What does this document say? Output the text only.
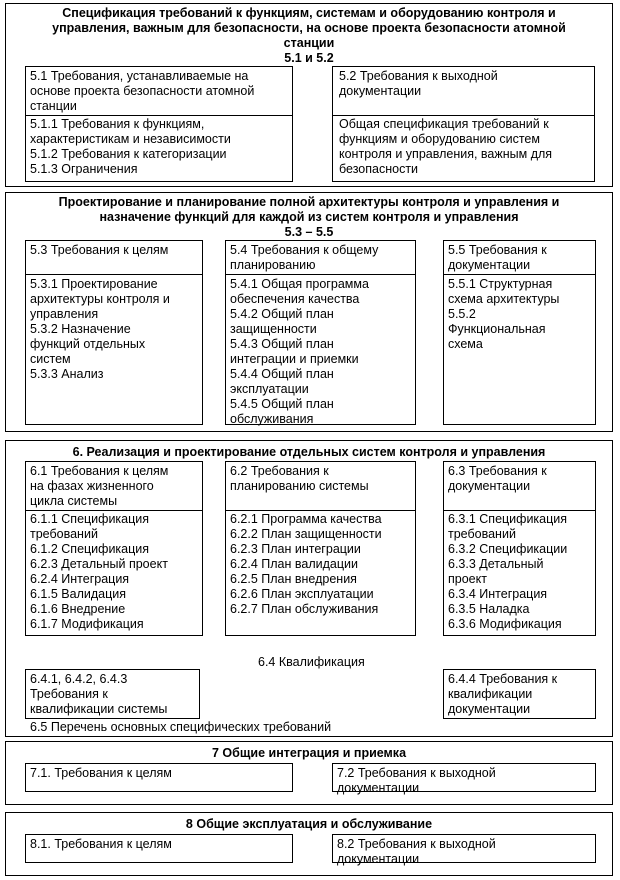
Спецификация требований к функциям, системам и оборудованию контроля и
управления, важным для безопасности, на основе проекта безопасности атомной
станции
5.1 и 5.2
5.1 Требования, устанавливаемые на
основе проекта безопасности атомной
станции
5.1.1 Требования к функциям,
характеристикам и независимости
5.1.2 Требования к категоризации
5.1.3 Ограничения
5.2 Требования к выходной
документации
Общая спецификация требований к
функциям и оборудованию систем
контроля и управления, важным для
безопасности
Проектирование и планирование полной архитектуры контроля и управления и
назначение функций для каждой из систем контроля и управления
5.3 – 5.5
5.3 Требования к целям
5.3.1 Проектирование
архитектуры контроля и
управления
5.3.2 Назначение
функций отдельных
систем
5.3.3 Анализ
5.4 Требования к общему
планированию
5.4.1 Общая программа
обеспечения качества
5.4.2 Общий план
защищенности
5.4.3 Общий план
интеграции и приемки
5.4.4 Общий план
эксплуатации
5.4.5 Общий план
обслуживания
5.5 Требования к
документации
5.5.1 Структурная
схема архитектуры
5.5.2
Функциональная
схема
6. Реализация и проектирование отдельных систем контроля и управления
6.1 Требования к целям
на фазах жизненного
цикла системы
6.1.1 Спецификация
требований
6.1.2 Спецификация
6.2.3 Детальный проект
6.2.4 Интеграция
6.1.5 Валидация
6.1.6 Внедрение
6.1.7 Модификация
6.2 Требования к
планированию системы
6.2.1 Программа качества
6.2.2 План защищенности
6.2.3 План интеграции
6.2.4 План валидации
6.2.5 План внедрения
6.2.6 План эксплуатации
6.2.7 План обслуживания
6.3 Требования к
документации
6.3.1 Спецификация
требований
6.3.2 Спецификации
6.3.3 Детальный
проект
6.3.4 Интеграция
6.3.5 Наладка
6.3.6 Модификация
6.4 Квалификация
6.4.1, 6.4.2, 6.4.3
Требования к
квалификации системы
6.4.4 Требования к
квалификации
документации
6.5 Перечень основных специфических требований
7 Общие интеграция и приемка
7.1. Требования к целям	7.2 Требования к выходной
документации
8 Общие эксплуатация и обслуживание
8.1. Требования к целям	8.2 Требования к выходной
документации
